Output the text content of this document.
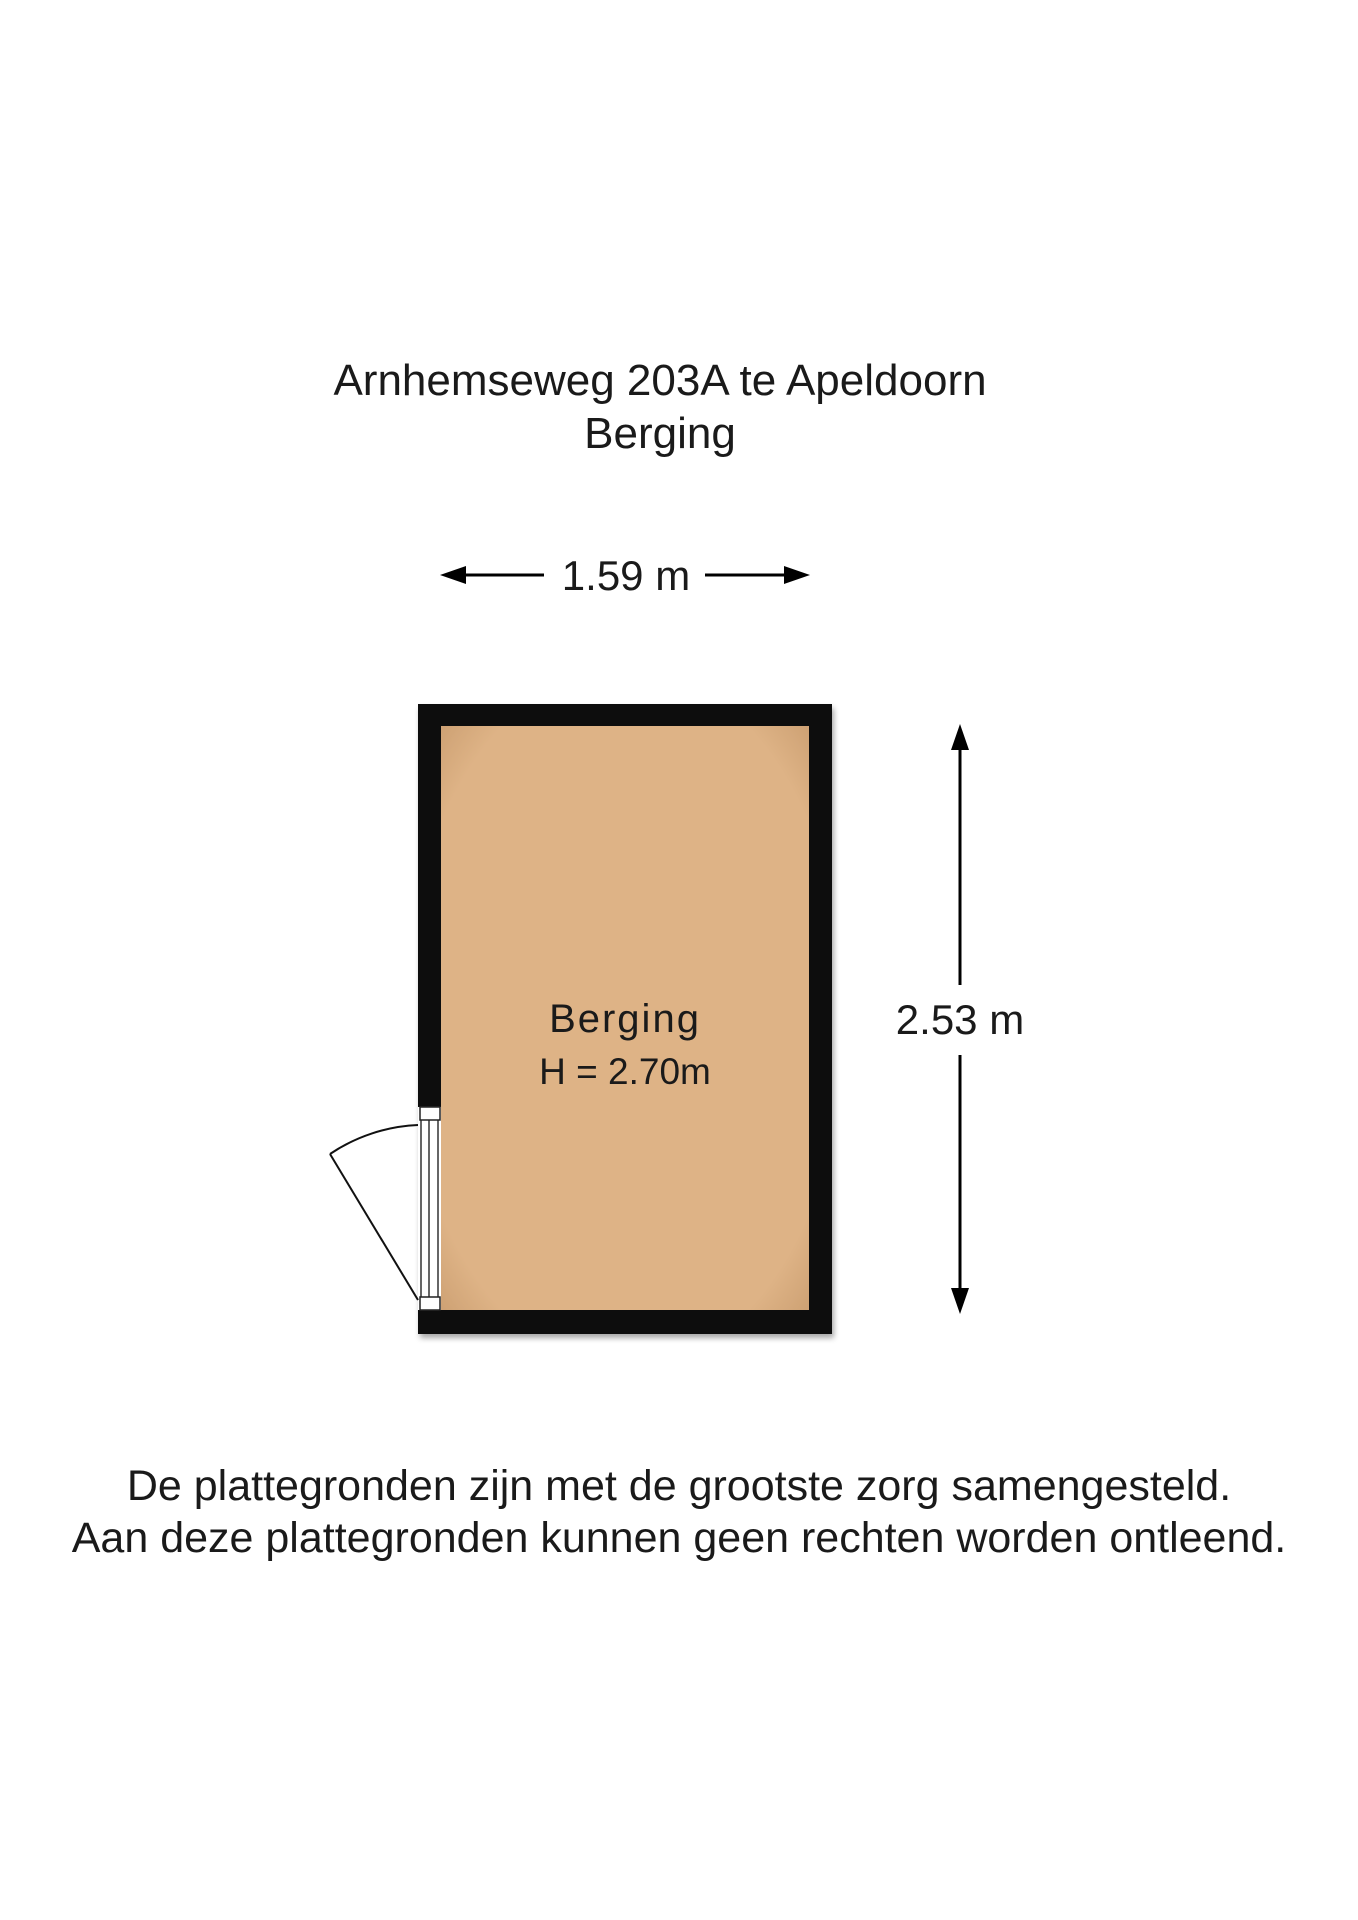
Arnhemseweg 203A te Apeldoorn
Berging
1.59 m
2.53 m
Berging
H = 2.70m

De plattegronden zijn met de grootste zorg samengesteld.

Aan deze plattegronden kunnen geen rechten worden ontleend.
